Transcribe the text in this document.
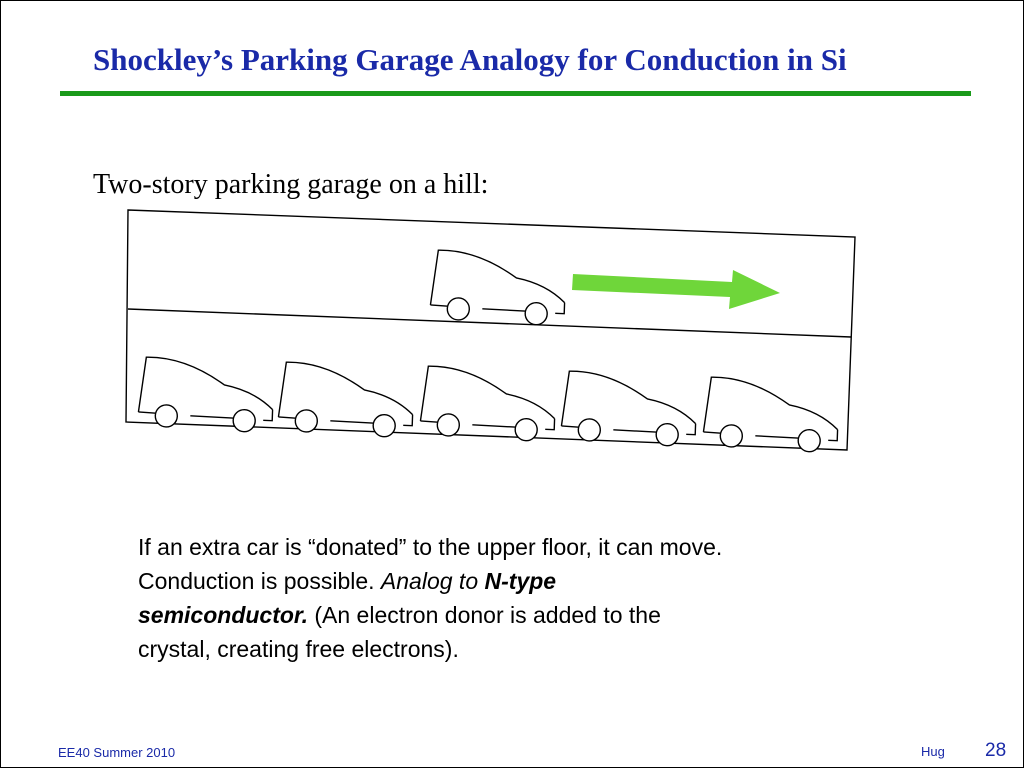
Shockley’s Parking Garage Analogy for Conduction in Si
Two-story parking garage on a hill:
If an extra car is “donated” to the upper floor, it can move.
Conduction is possible. Analog to N-type
semiconductor. (An electron donor is added to the
crystal, creating free electrons).
EE40 Summer 2010	Hug 28
